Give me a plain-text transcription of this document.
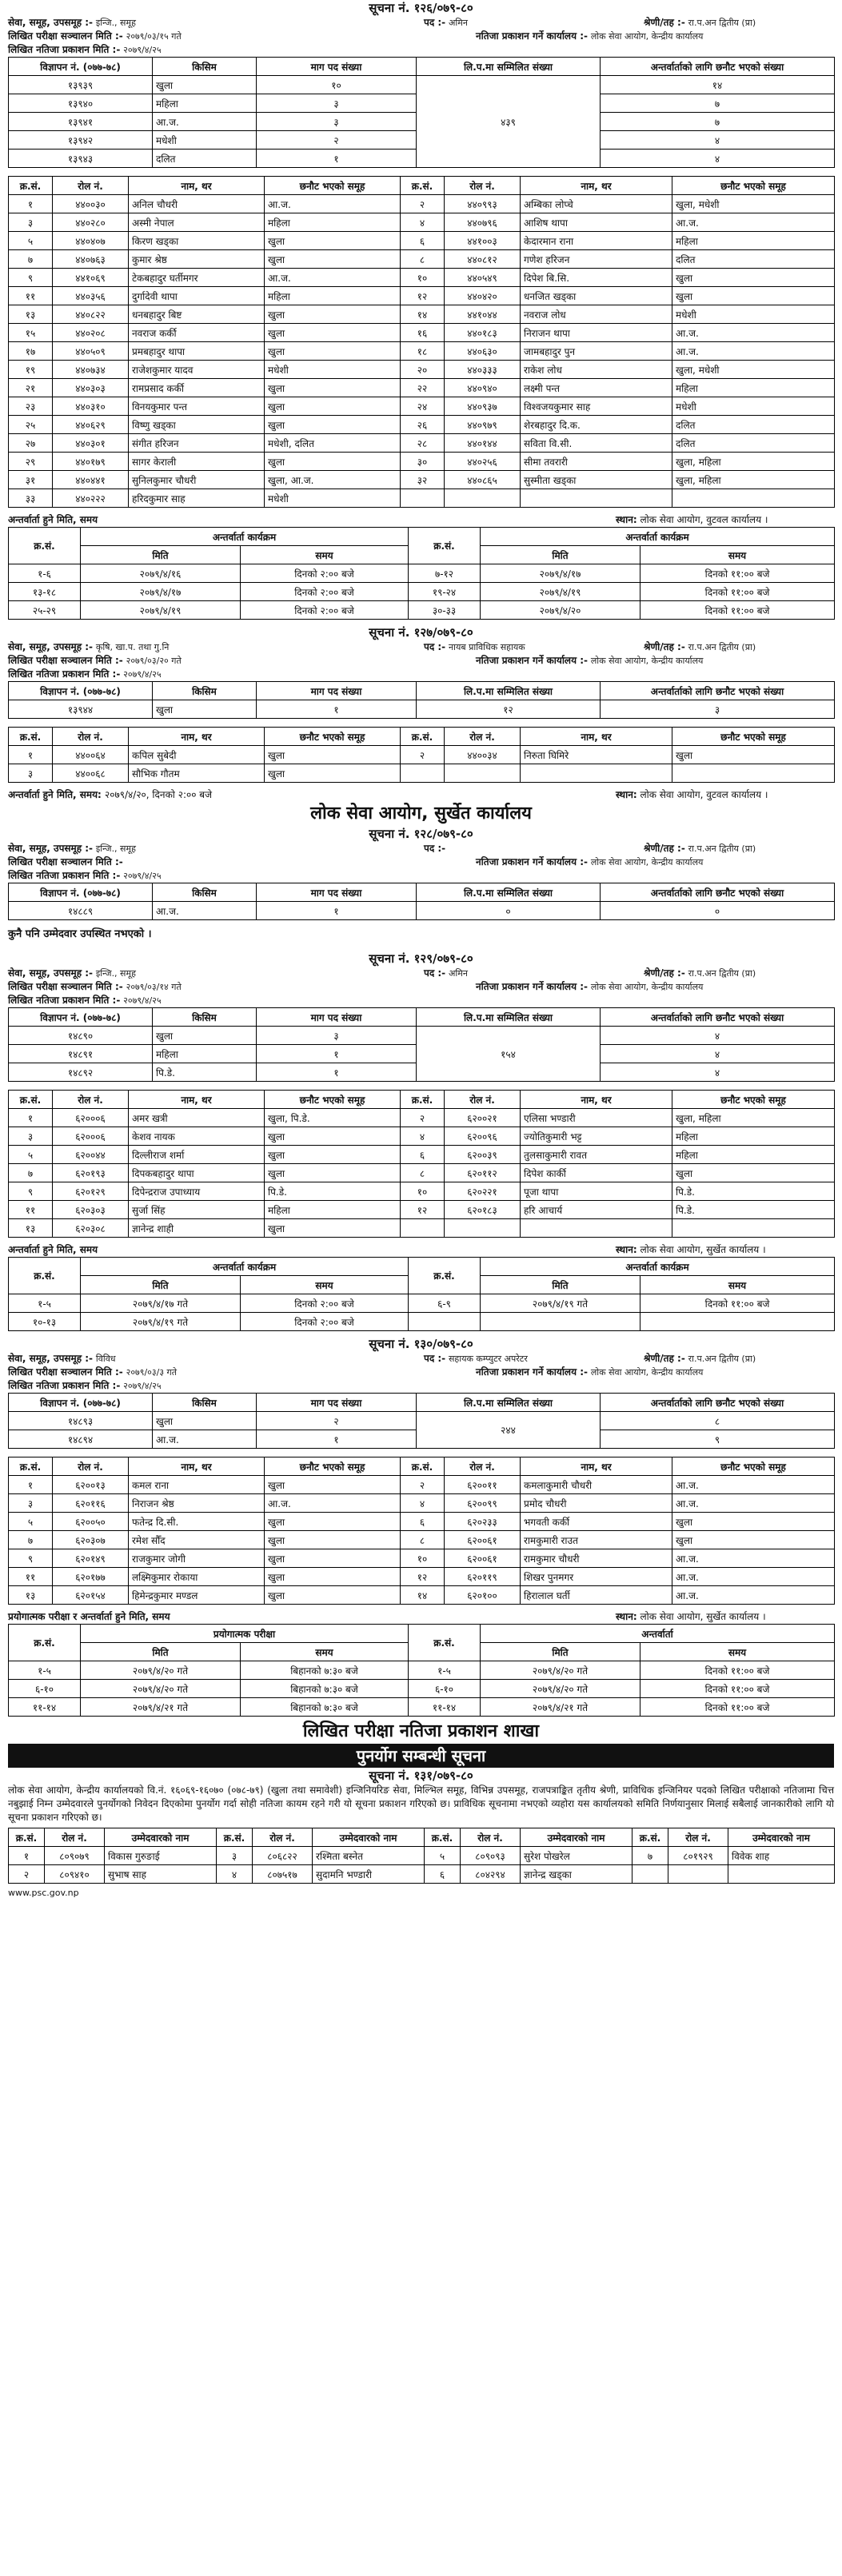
सूचना नं. १२६/०७९-८०
सेवा, समूह, उपसमूह :- इन्जि., समूह	पद :- अमिन	श्रेणी/तह :- रा.प.अन द्वितीय (प्रा)
लिखित परीक्षा सञ्चालन मिति :- २०७९/०३/१५ गते	नतिजा प्रकाशन गर्ने कार्यालय :- लोक सेवा आयोग, केन्द्रीय कार्यालय
लिखित नतिजा प्रकाशन मिति :- २०७९/४/२५
विज्ञापन नं. (०७७-७८)	किसिम	माग पद संख्या	लि.प.मा सम्मिलित संख्या	अन्तर्वार्ताको लागि छनौट भएको संख्या
१३९३९	खुला	१०	४३९	१४
१३९४०	महिला	३		७
१३९४१	आ.ज.	३		७
१३९४२	मधेशी	२		४
१३९४३	दलित	१		४
क्र.सं.	रोल नं.	नाम, थर	छनौट भएको समूह	क्र.सं.	रोल नं.	नाम, थर	छनौट भएको समूह
१	४४००३०	अनिल चौधरी	आ.ज.	२	४४०९९३	अम्बिका लोप्चे	खुला, मधेशी
३	४४०२८०	अस्मी नेपाल	महिला	४	४४०७९६	आशिष थापा	आ.ज.
५	४४०४०७	किरण खड्का	खुला	६	४४१००३	केदारमान राना	महिला
७	४४०७६३	कुमार श्रेष्ठ	खुला	८	४४०८१२	गणेश हरिजन	दलित
९	४४१०६९	टेकबहादुर घर्तीमगर	आ.ज.	१०	४४०५४९	दिपेश बि.सि.	खुला
११	४४०३५६	दुर्गादेवी थापा	महिला	१२	४४०४२०	धनजित खड्का	खुला
१३	४४०८२२	धनबहादुर बिष्ट	खुला	१४	४४१०४४	नवराज लोध	मधेशी
१५	४४०२०८	नवराज कर्की	खुला	१६	४४०१८३	निराजन थापा	आ.ज.
१७	४४०५०९	प्रमबहादुर थापा	खुला	१८	४४०६३०	जामबहादुर पुन	आ.ज.
१९	४४०७३४	राजेशकुमार यादव	मधेशी	२०	४४०३३३	राकेश लोध	खुला, मधेशी
२१	४४०३०३	रामप्रसाद कर्की	खुला	२२	४४०९४०	लक्ष्मी पन्त	महिला
२३	४४०३१०	विनयकुमार पन्त	खुला	२४	४४०९३७	विश्वजयकुमार साह	मधेशी
२५	४४०६२९	विष्णु खड्का	खुला	२६	४४०९७९	शेरबहादुर दि.क.	दलित
२७	४४०३०१	संगीत हरिजन	मधेशी, दलित	२८	४४०१४४	सविता वि.सी.	दलित
२९	४४०१७९	सागर केराली	खुला	३०	४४०२५६	सीमा तवरारी	खुला, महिला
३१	४४०४४१	सुनिलकुमार चौधरी	खुला, आ.ज.	३२	४४०८६५	सुस्मीता खड्का	खुला, महिला
३३	४४०२२२	हरिदकुमार साह	मधेशी				
अन्तर्वार्ता हुने मिति, समय	स्थान: लोक सेवा आयोग, वुटवल कार्यालय ।
क्र.सं.	अन्तर्वार्ता कार्यक्रम		क्र.सं.	अन्तर्वार्ता कार्यक्रम	
	मिति	समय		मिति	समय
१-६	२०७९/४/१६	दिनको २:०० बजे	७-१२	२०७९/४/१७	दिनको ११:०० बजे
१३-१८	२०७९/४/१७	दिनको २:०० बजे	१९-२४	२०७९/४/१९	दिनको ११:०० बजे
२५-२९	२०७९/४/१९	दिनको २:०० बजे	३०-३३	२०७९/४/२०	दिनको ११:०० बजे
सूचना नं. १२७/०७९-८०
सेवा, समूह, उपसमूह :- कृषि, खा.प. तथा गु.नि	पद :- नायब प्राविधिक सहायक	श्रेणी/तह :- रा.प.अन द्वितीय (प्रा)
लिखित परीक्षा सञ्चालन मिति :- २०७९/०३/२० गते	नतिजा प्रकाशन गर्ने कार्यालय :- लोक सेवा आयोग, केन्द्रीय कार्यालय
लिखित नतिजा प्रकाशन मिति :- २०७९/४/२५
विज्ञापन नं. (०७७-७८)	किसिम	माग पद संख्या	लि.प.मा सम्मिलित संख्या	अन्तर्वार्ताको लागि छनौट भएको संख्या
१३९४४	खुला	१	१२	३
क्र.सं.	रोल नं.	नाम, थर	छनौट भएको समूह	क्र.सं.	रोल नं.	नाम, थर	छनौट भएको समूह
१	४४००६४	कपिल सुबेदी	खुला	२	४४००३४	निरुता घिमिरे	खुला
३	४४००६८	सौभिक गौतम	खुला				
अन्तर्वार्ता हुने मिति, समय: २०७९/४/२०, दिनको २:०० बजे	स्थान: लोक सेवा आयोग, वुटवल कार्यालय ।
लोक सेवा आयोग, सुर्खेत कार्यालय
सूचना नं. १२८/०७९-८०
सेवा, समूह, उपसमूह :- इन्जि., समूह	पद :-	श्रेणी/तह :- रा.प.अन द्वितीय (प्रा)
लिखित परीक्षा सञ्चालन मिति :-	नतिजा प्रकाशन गर्ने कार्यालय :- लोक सेवा आयोग, केन्द्रीय कार्यालय
लिखित नतिजा प्रकाशन मिति :- २०७९/४/२५
विज्ञापन नं. (०७७-७८)	किसिम	माग पद संख्या	लि.प.मा सम्मिलित संख्या	अन्तर्वार्ताको लागि छनौट भएको संख्या
१४८८९	आ.ज.	१	०	०
कुनै पनि उम्मेदवार उपस्थित नभएको ।
सूचना नं. १२९/०७९-८०
सेवा, समूह, उपसमूह :- इन्जि., समूह	पद :- अमिन	श्रेणी/तह :- रा.प.अन द्वितीय (प्रा)
लिखित परीक्षा सञ्चालन मिति :- २०७९/०३/१४ गते	नतिजा प्रकाशन गर्ने कार्यालय :- लोक सेवा आयोग, केन्द्रीय कार्यालय
लिखित नतिजा प्रकाशन मिति :- २०७९/४/२५
विज्ञापन नं. (०७७-७८)	किसिम	माग पद संख्या	लि.प.मा सम्मिलित संख्या	अन्तर्वार्ताको लागि छनौट भएको संख्या
१४८९०	खुला	३	१५४	४
१४८९१	महिला	१		४
१४८९२	पि.डे.	१		४
क्र.सं.	रोल नं.	नाम, थर	छनौट भएको समूह	क्र.सं.	रोल नं.	नाम, थर	छनौट भएको समूह
१	६२०००६	अमर खत्री	खुला, पि.डे.	२	६२००२१	एलिसा भण्डारी	खुला, महिला
३	६२०००६	केशव नायक	खुला	४	६२००९६	ज्योतिकुमारी भट्ट	महिला
५	६२००४४	दिल्लीराज शर्मा	खुला	६	६२००३९	तुलसाकुमारी रावत	महिला
७	६२०१९३	दिपकबहादुर थापा	खुला	८	६२०११२	दिपेश कार्की	खुला
९	६२०१२९	दिपेन्द्रराज उपाध्याय	पि.डे.	१०	६२०२२१	पूजा थापा	पि.डे.
११	६२०३०३	सुर्जा सिंह	महिला	१२	६२०१८३	हरि आचार्य	पि.डे.
१३	६२०३०८	ज्ञानेन्द्र शाही	खुला				
अन्तर्वार्ता हुने मिति, समय	स्थान: लोक सेवा आयोग, सुर्खेत कार्यालय ।
क्र.सं.	अन्तर्वार्ता कार्यक्रम		क्र.सं.	अन्तर्वार्ता कार्यक्रम	
	मिति	समय		मिति	समय
१-५	२०७९/४/१७ गते	दिनको २:०० बजे	६-९	२०७९/४/१९ गते	दिनको ११:०० बजे
१०-१३	२०७९/४/१९ गते	दिनको २:०० बजे			
सूचना नं. १३०/०७९-८०
सेवा, समूह, उपसमूह :- विविध	पद :- सहायक कम्प्युटर अपरेटर	श्रेणी/तह :- रा.प.अन द्वितीय (प्रा)
लिखित परीक्षा सञ्चालन मिति :- २०७९/०३/३ गते	नतिजा प्रकाशन गर्ने कार्यालय :- लोक सेवा आयोग, केन्द्रीय कार्यालय
लिखित नतिजा प्रकाशन मिति :- २०७९/४/२५
विज्ञापन नं. (०७७-७८)	किसिम	माग पद संख्या	लि.प.मा सम्मिलित संख्या	अन्तर्वार्ताको लागि छनौट भएको संख्या
१४८९३	खुला	२	२४४	८
१४८९४	आ.ज.	१		९
क्र.सं.	रोल नं.	नाम, थर	छनौट भएको समूह	क्र.सं.	रोल नं.	नाम, थर	छनौट भएको समूह
१	६२००१३	कमल राना	खुला	२	६२००११	कमलाकुमारी चौधरी	आ.ज.
३	६२०११६	निराजन श्रेष्ठ	आ.ज.	४	६२००९९	प्रमोद चौधरी	आ.ज.
५	६२००५०	फतेन्द्र दि.सी.	खुला	६	६२०२३३	भगवती कर्की	खुला
७	६२०३०७	रमेश सौँद	खुला	८	६२००६१	रामकुमारी राउत	खुला
९	६२०१४९	राजकुमार जोगी	खुला	१०	६२००६१	रामकुमार चौधरी	आ.ज.
११	६२०१७७	लक्ष्मिकुमार रोकाया	खुला	१२	६२०११९	शिखर पुनमगर	आ.ज.
१३	६२०१५४	हिमेन्द्रकुमार मण्डल	खुला	१४	६२०१००	हिरालाल घर्ती	आ.ज.
प्रयोगात्मक परीक्षा र अन्तर्वार्ता हुने मिति, समय	स्थान: लोक सेवा आयोग, सुर्खेत कार्यालय ।
क्र.सं.	प्रयोगात्मक परीक्षा		क्र.सं.	अन्तर्वार्ता	
	मिति	समय		मिति	समय
१-५	२०७९/४/२० गते	बिहानको ७:३० बजे	१-५	२०७९/४/२० गते	दिनको ११:०० बजे
६-१०	२०७९/४/२० गते	बिहानको ७:३० बजे	६-१०	२०७९/४/२० गते	दिनको ११:०० बजे
११-१४	२०७९/४/२१ गते	बिहानको ७:३० बजे	११-१४	२०७९/४/२१ गते	दिनको ११:०० बजे
लिखित परीक्षा नतिजा प्रकाशन शाखा
पुनर्योग सम्बन्धी सूचना
सूचना नं. १३१/०७९-८०
लोक सेवा आयोग, केन्द्रीय कार्यालयको वि.नं. १६०६९-१६०७० (०७८-७९) (खुला तथा समावेशी) इन्जिनियरिङ सेवा, मिल्भिल समूह, विभिन्न उपसमूह, राजपत्राङ्कित तृतीय श्रेणी, प्राविधिक इन्जिनियर पदको लिखित परीक्षाको नतिजामा चित्त नबुझाई निम्न उम्मेदवारले पुनर्योगको निवेदन दिएकोमा पुनर्योग गर्दा सोही नतिजा कायम रहने गरी यो सूचना प्रकाशन गरिएको छ। प्राविधिक सूचनामा नभएको व्यहोरा यस कार्यालयको समिति निर्णयानुसार मिलाई सबैलाई जानकारीको लागि यो सूचना प्रकाशन गरिएको छ।
क्र.सं.	रोल नं.	उम्मेदवारको नाम	क्र.सं.	रोल नं.	उम्मेदवारको नाम	क्र.सं.	रोल नं.	उम्मेदवारको नाम	क्र.सं.	रोल नं.	उम्मेदवारको नाम
१	८०९०७९	विकास गुरुङाई	३	८०६८२२	रश्मिता बस्नेत	५	८०९०९३	सुरेश पोखरेल	७	८०१९२९	विवेक शाह
२	८०९४१०	सुभाष साह	४	८०७५१७	सुदामनि भण्डारी	६	८०४२९४	ज्ञानेन्द्र खड्का			
www.psc.gov.np
